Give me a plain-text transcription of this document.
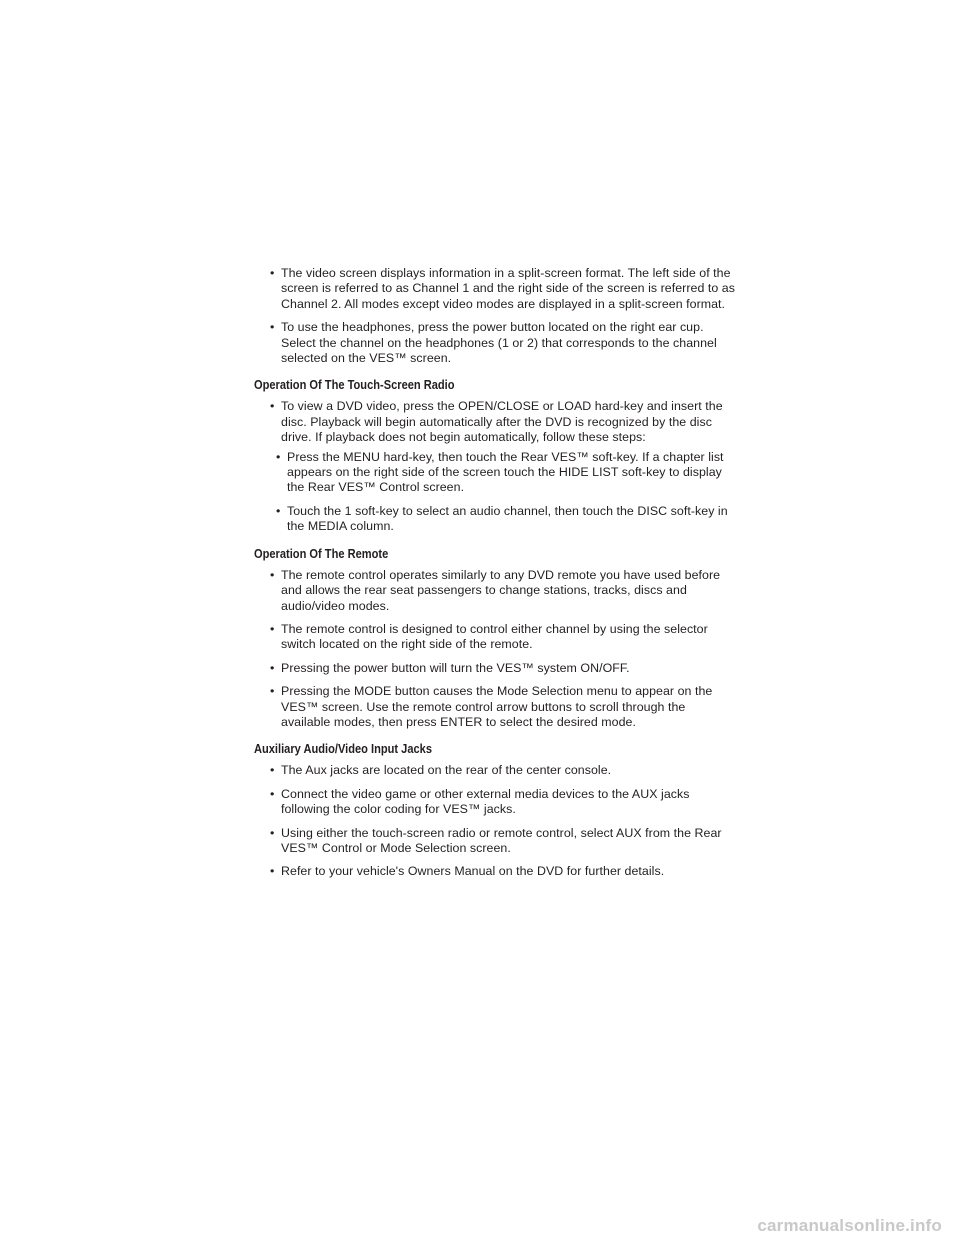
• The video screen displays information in a split-screen format. The left side of the screen is referred to as Channel 1 and the right side of the screen is referred to as Channel 2. All modes except video modes are displayed in a split-screen format.
• To use the headphones, press the power button located on the right ear cup. Select the channel on the headphones (1 or 2) that corresponds to the channel selected on the VES™ screen.
Operation Of The Touch-Screen Radio
• To view a DVD video, press the OPEN/CLOSE or LOAD hard-key and insert the disc. Playback will begin automatically after the DVD is recognized by the disc drive. If playback does not begin automatically, follow these steps:
• Press the MENU hard-key, then touch the Rear VES™ soft-key. If a chapter list appears on the right side of the screen touch the HIDE LIST soft-key to display the Rear VES™ Control screen.
• Touch the 1 soft-key to select an audio channel, then touch the DISC soft-key in the MEDIA column.
Operation Of The Remote
• The remote control operates similarly to any DVD remote you have used before and allows the rear seat passengers to change stations, tracks, discs and audio/video modes.
• The remote control is designed to control either channel by using the selector switch located on the right side of the remote.
• Pressing the power button will turn the VES™ system ON/OFF.
• Pressing the MODE button causes the Mode Selection menu to appear on the VES™ screen. Use the remote control arrow buttons to scroll through the available modes, then press ENTER to select the desired mode.
Auxiliary Audio/Video Input Jacks
• The Aux jacks are located on the rear of the center console.
• Connect the video game or other external media devices to the AUX jacks following the color coding for VES™ jacks.
• Using either the touch-screen radio or remote control, select AUX from the Rear VES™ Control or Mode Selection screen.
• Refer to your vehicle's Owners Manual on the DVD for further details.
carmanualsonline.info
